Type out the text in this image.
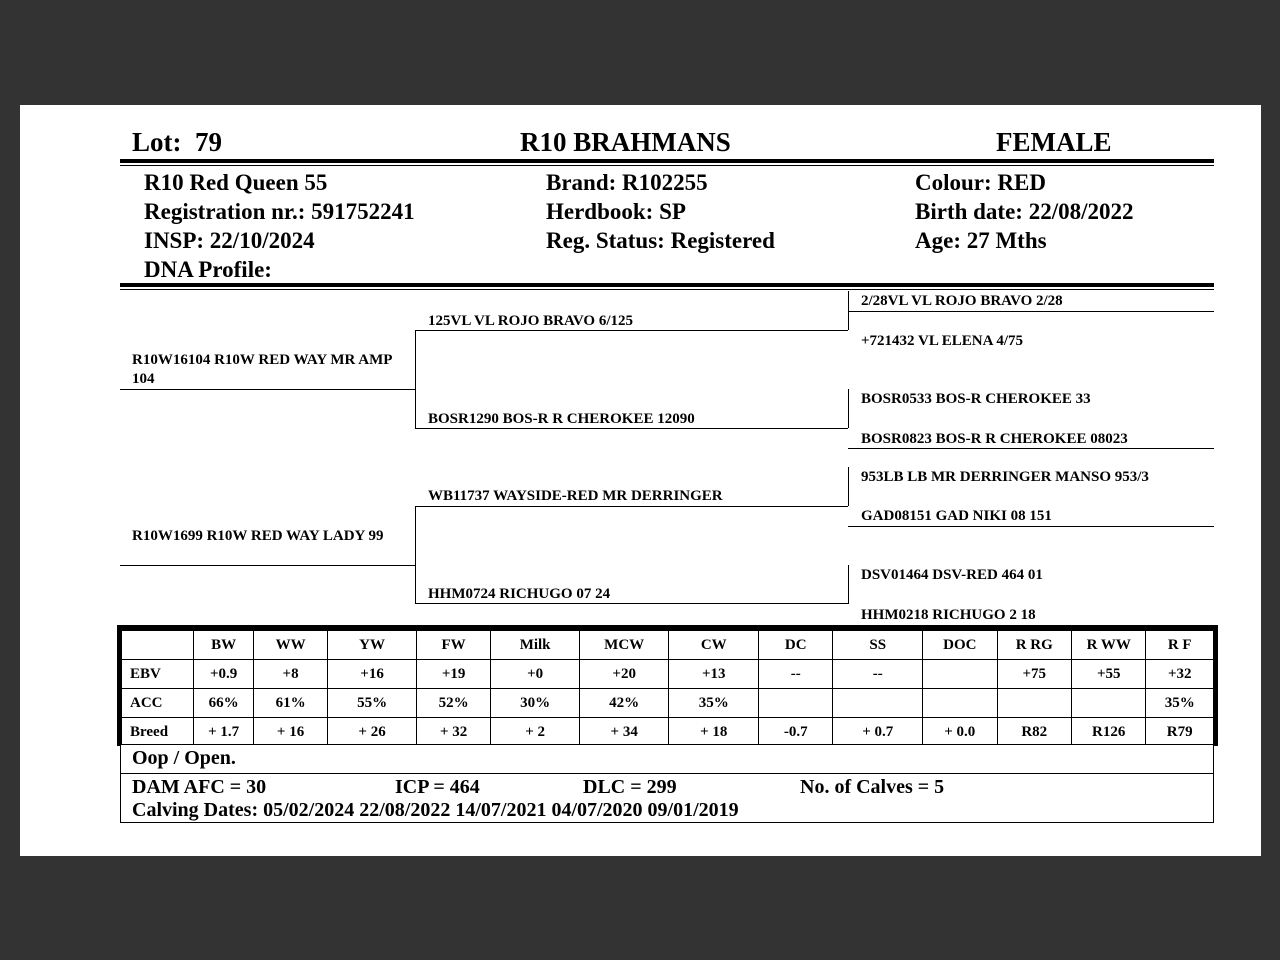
Lot: 79	R10 BRAHMANS	FEMALE
R10 Red Queen 55
Registration nr.: 591752241
INSP: 22/10/2024
DNA Profile:
Brand: R102255
Herdbook: SP
Reg. Status: Registered
Colour: RED
Birth date: 22/08/2022
Age: 27 Mths
R10W16104 R10W RED WAY MR AMP 104
R10W1699 R10W RED WAY LADY 99
125VL VL ROJO BRAVO 6/125
BOSR1290 BOS-R R CHEROKEE 12090
WB11737 WAYSIDE-RED MR DERRINGER
HHM0724 RICHUGO 07 24
2/28VL VL ROJO BRAVO 2/28
+721432 VL ELENA 4/75
BOSR0533 BOS-R CHEROKEE 33
BOSR0823 BOS-R R CHEROKEE 08023
953LB LB MR DERRINGER MANSO 953/3
GAD08151 GAD NIKI 08 151
DSV01464 DSV-RED 464 01
HHM0218 RICHUGO 2 18
	BW	WW	YW	FW	Milk	MCW	CW	DC	SS	DOC	R RG	R WW	R F
EBV	+0.9	+8	+16	+19	+0	+20	+13	--	--		+75	+55	+32
ACC	66%	61%	55%	52%	30%	42%	35%						35%
Breed	+ 1.7	+ 16	+ 26	+ 32	+ 2	+ 34	+ 18	-0.7	+ 0.7	+ 0.0	R82	R126	R79
Oop / Open.
DAM AFC = 30	ICP = 464	DLC = 299	No. of Calves = 5
Calving Dates: 05/02/2024 22/08/2022 14/07/2021 04/07/2020 09/01/2019
